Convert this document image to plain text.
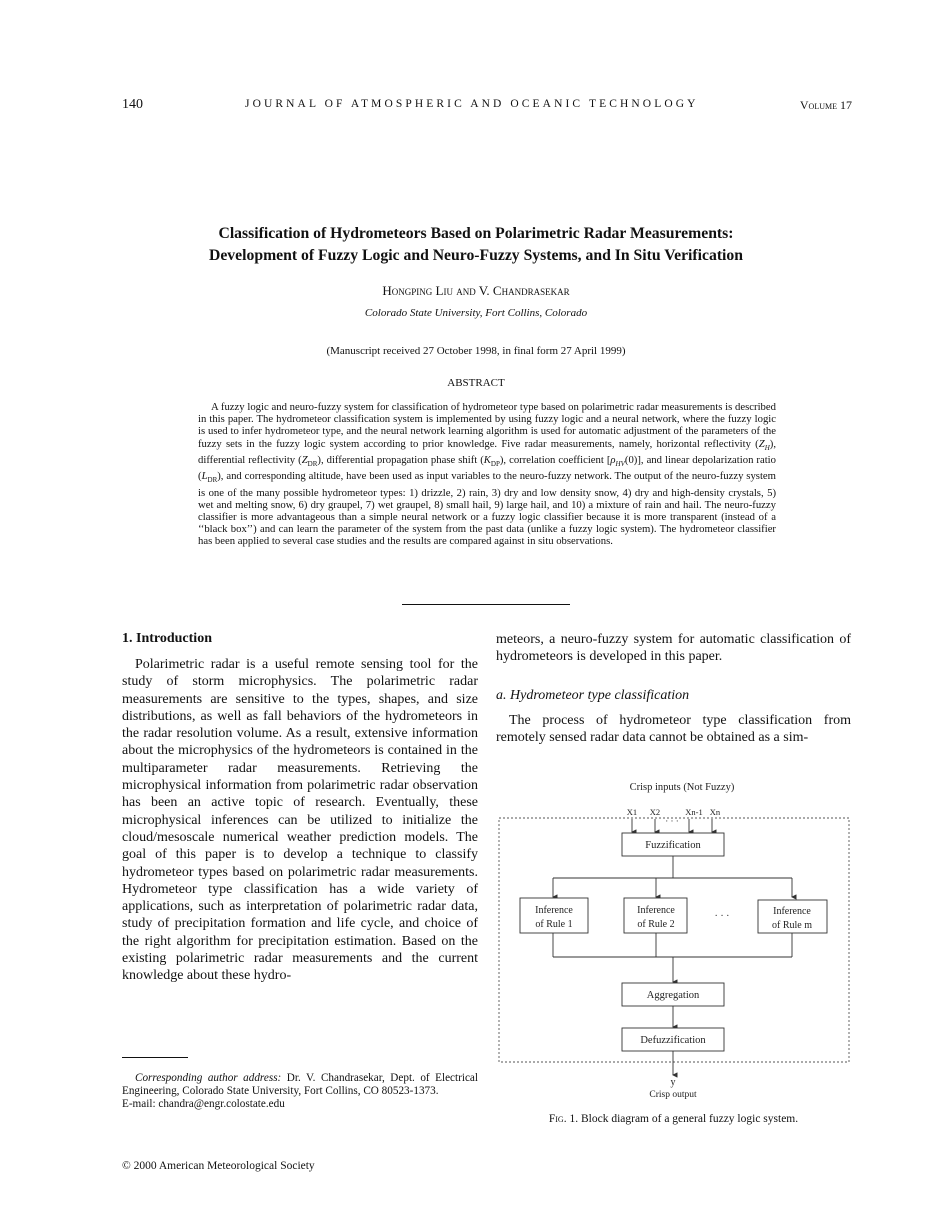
140	JOURNAL OF ATMOSPHERIC AND OCEANIC TECHNOLOGY	Volume 17
Classification of Hydrometeors Based on Polarimetric Radar Measurements:
Development of Fuzzy Logic and Neuro-Fuzzy Systems, and In Situ Verification
Hongping Liu and V. Chandrasekar
Colorado State University, Fort Collins, Colorado
(Manuscript received 27 October 1998, in final form 27 April 1999)
ABSTRACT
A fuzzy logic and neuro-fuzzy system for classification of hydrometeor type based on polarimetric radar measurements is described in this paper. The hydrometeor classification system is implemented by using fuzzy logic and a neural network, where the fuzzy logic is used to infer hydrometeor type, and the neural network learning algorithm is used for automatic adjustment of the parameters of the fuzzy sets in the fuzzy logic system according to prior knowledge. Five radar measurements, namely, horizontal reflectivity $(Z_H)$, differential reflectivity $(Z_{DR})$, differential propagation phase shift $(K_{DP})$, correlation coefficient $[\rho_{HV}(0)]$, and linear depolarization ratio $(L_{DR})$, and corresponding altitude, have been used as input variables to the neuro-fuzzy network. The output of the neuro-fuzzy system is one of the many possible hydrometeor types: 1) drizzle, 2) rain, 3) dry and low density snow, 4) dry and high-density crystals, 5) wet and melting snow, 6) dry graupel, 7) wet graupel, 8) small hail, 9) large hail, and 10) a mixture of rain and hail. The neuro-fuzzy classifier is more advantageous than a simple neural network or a fuzzy logic classifier because it is more transparent (instead of a ‘‘black box’’) and can learn the parameter of the system from the past data (unlike a fuzzy logic system). The hydrometeor classifier has been applied to several case studies and the results are compared against in situ observations.
1. Introduction

Polarimetric radar is a useful remote sensing tool for the study of storm microphysics. The polarimetric radar measurements are sensitive to the types, shapes, and size distributions, as well as fall behaviors of the hydrometeors in the radar resolution volume. As a result, extensive information about the microphysics of the hydrometeors is contained in the multiparameter radar measurements. Retrieving the microphysical information from polarimetric radar observation has been an active topic of research. Eventually, these microphysical inferences can be utilized to initialize the cloud/mesoscale numerical weather prediction models. The goal of this paper is to develop a technique to classify hydrometeor types based on polarimetric radar measurements. Hydrometeor type classification has a wide variety of applications, such as interpretation of polarimetric radar data, study of precipitation formation and life cycle, and choice of the right algorithm for precipitation estimation. Based on the existing polarimetric radar measurements and the current knowledge about these hydro-

meteors, a neuro-fuzzy system for automatic classification of hydrometeors is developed in this paper.

a. Hydrometeor type classification

The process of hydrometeor type classification from remotely sensed radar data cannot be obtained as a sim-

Crisp inputs (Not Fuzzy)
X1 X2	Xn-1 Xn
· · ·
Fuzzification
Inference
of Rule 1
Inference
of Rule 2
· · ·	Inference
of Rule m
Aggregation
Defuzzification
y
Crisp output
Fig. 1. Block diagram of a general fuzzy logic system.
Corresponding author address: Dr. V. Chandrasekar, Dept. of Electrical Engineering, Colorado State University, Fort Collins, CO 80523-1373.
E-mail: chandra@engr.colostate.edu
© 2000 American Meteorological Society
